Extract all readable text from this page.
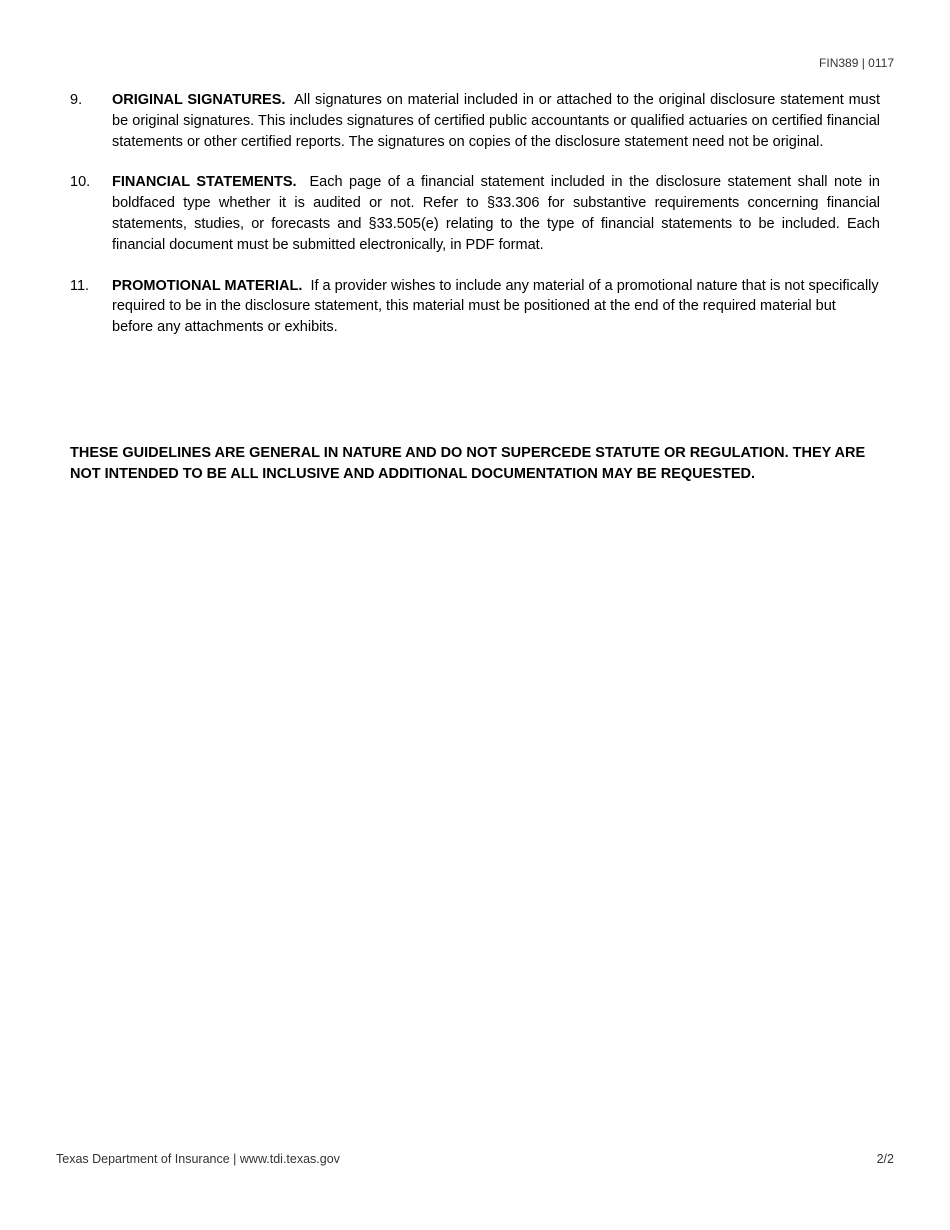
FIN389 | 0117
9.	ORIGINAL SIGNATURES. All signatures on material included in or attached to the original disclosure statement must be original signatures. This includes signatures of certified public accountants or qualified actuaries on certified financial statements or other certified reports. The signatures on copies of the disclosure statement need not be original.
10.	FINANCIAL STATEMENTS. Each page of a financial statement included in the disclosure statement shall note in boldfaced type whether it is audited or not. Refer to §33.306 for substantive requirements concerning financial statements, studies, or forecasts and §33.505(e) relating to the type of financial statements to be included. Each financial document must be submitted electronically, in PDF format.
11.	PROMOTIONAL MATERIAL. If a provider wishes to include any material of a promotional nature that is not specifically required to be in the disclosure statement, this material must be positioned at the end of the required material but before any attachments or exhibits.
THESE GUIDELINES ARE GENERAL IN NATURE AND DO NOT SUPERCEDE STATUTE OR REGULATION. THEY ARE NOT INTENDED TO BE ALL INCLUSIVE AND ADDITIONAL DOCUMENTATION MAY BE REQUESTED.
Texas Department of Insurance | www.tdi.texas.gov	2/2
